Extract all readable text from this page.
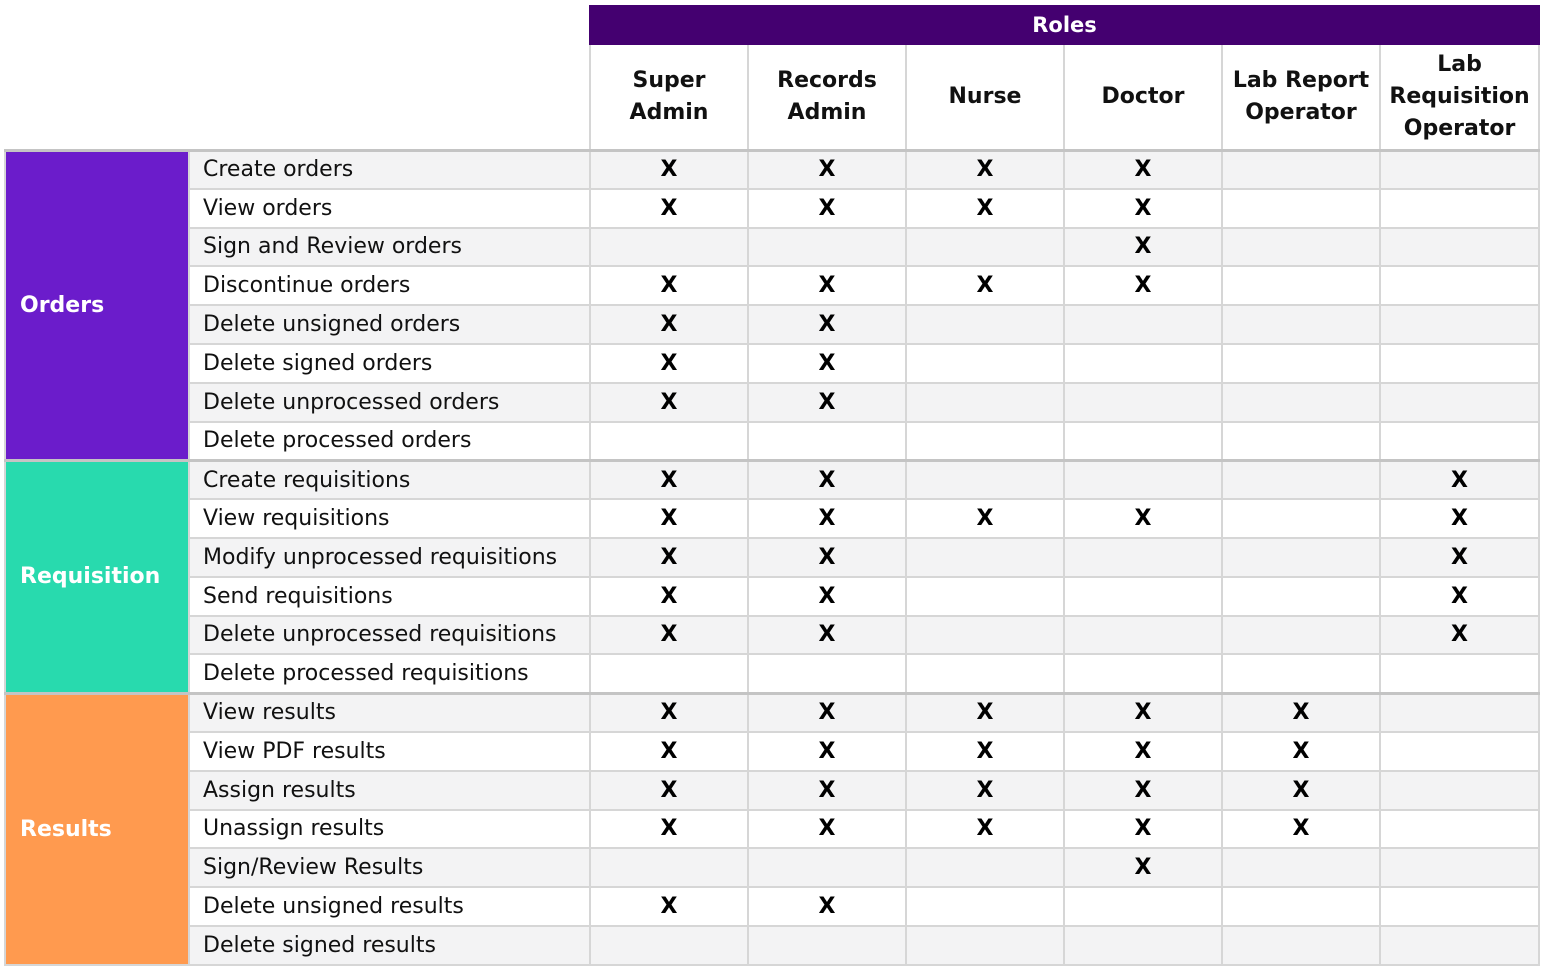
		Roles					
		Super Admin	Records Admin	Nurse	Doctor	Lab Report Operator	Lab Requisition Operator
Orders	Create orders	X	X	X	X		
	View orders	X	X	X	X		
	Sign and Review orders				X		
	Discontinue orders	X	X	X	X		
	Delete unsigned orders	X	X				
	Delete signed orders	X	X				
	Delete unprocessed orders	X	X				
	Delete processed orders						
Requisition	Create requisitions	X	X				X
	View requisitions	X	X	X	X		X
	Modify unprocessed requisitions	X	X				X
	Send requisitions	X	X				X
	Delete unprocessed requisitions	X	X				X
	Delete processed requisitions						
Results	View results	X	X	X	X	X	
	View PDF results	X	X	X	X	X	
	Assign results	X	X	X	X	X	
	Unassign results	X	X	X	X	X	
	Sign/Review Results				X		
	Delete unsigned results	X	X				
	Delete signed results						
